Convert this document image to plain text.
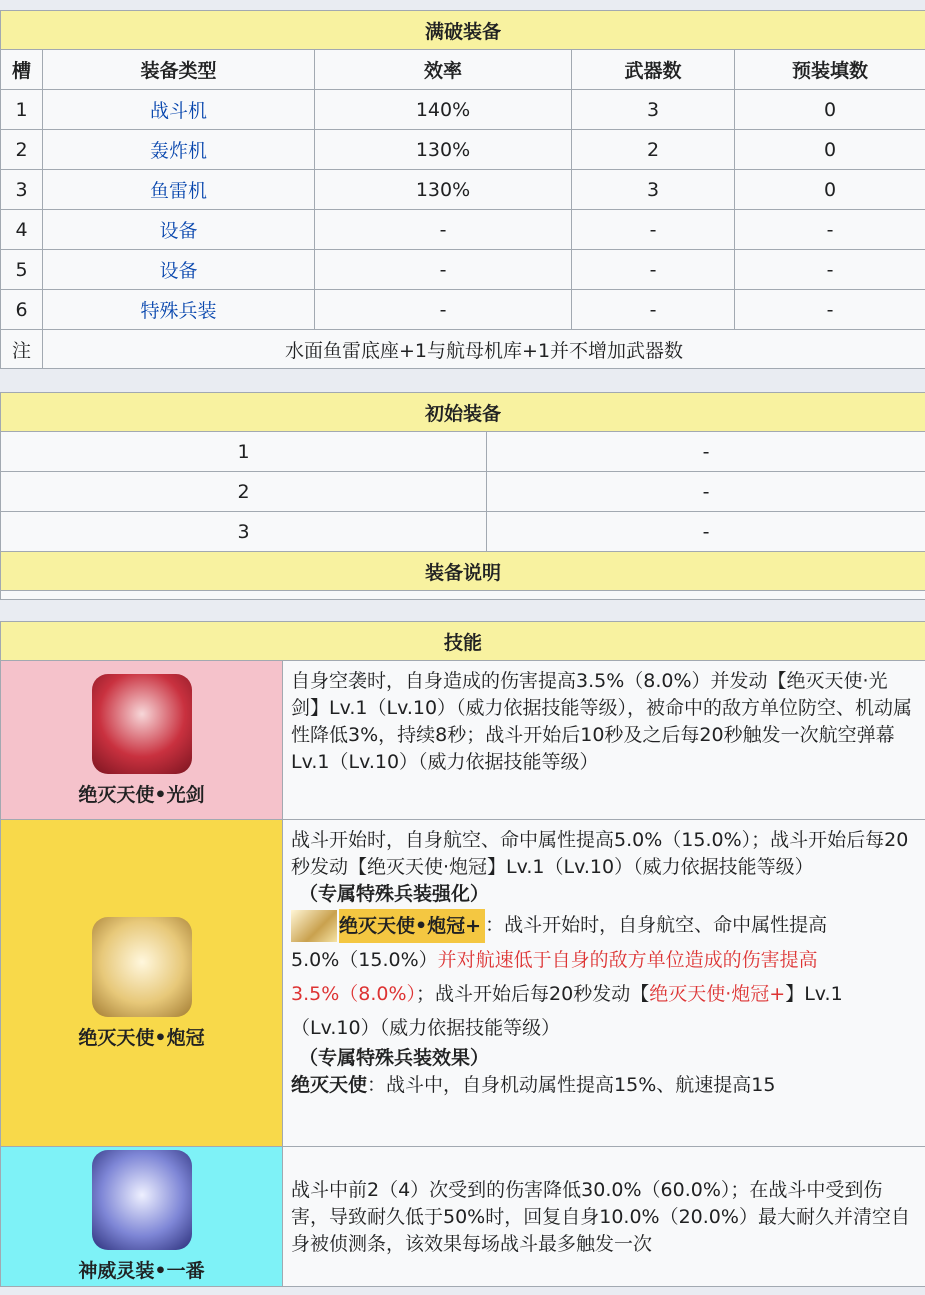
满破装备				
槽	装备类型	效率	武器数	预装填数
1	战斗机	140%	3	0
2	轰炸机	130%	2	0
3	鱼雷机	130%	3	0
4	设备	-	-	-
5	设备	-	-	-
6	特殊兵装	-	-	-
注	水面鱼雷底座+1与航母机库+1并不增加武器数			
初始装备	
1	-
2	-
3	-
装备说明	

技能	

绝灭天使•光剑	自身空袭时，自身造成的伤害提高3.5%（8.0%）并发动【绝灭天使·光剑】Lv.1（Lv.10）（威力依据技能等级），被命中的敌方单位防空、机动属性降低3%，持续8秒；战斗开始后10秒及之后每20秒触发一次航空弹幕Lv.1（Lv.10）（威力依据技能等级）

绝灭天使•炮冠	战斗开始时，自身航空、命中属性提高5.0%（15.0%）；战斗开始后每20秒发动【绝灭天使·炮冠】Lv.1（Lv.10）（威力依据技能等级）
（专属特殊兵装强化）
绝灭天使•炮冠+ ：战斗开始时，自身航空、命中属性提高5.0%（15.0%）并对航速低于自身的敌方单位造成的伤害提高3.5%（8.0%）；战斗开始后每20秒发动【绝灭天使·炮冠+】Lv.1（Lv.10）（威力依据技能等级）
（专属特殊兵装效果）
绝灭天使：战斗中，自身机动属性提高15%、航速提高15

神威灵装•一番	战斗中前2（4）次受到的伤害降低30.0%（60.0%）；在战斗中受到伤害，导致耐久低于50%时，回复自身10.0%（20.0%）最大耐久并清空自身被侦测条，该效果每场战斗最多触发一次
